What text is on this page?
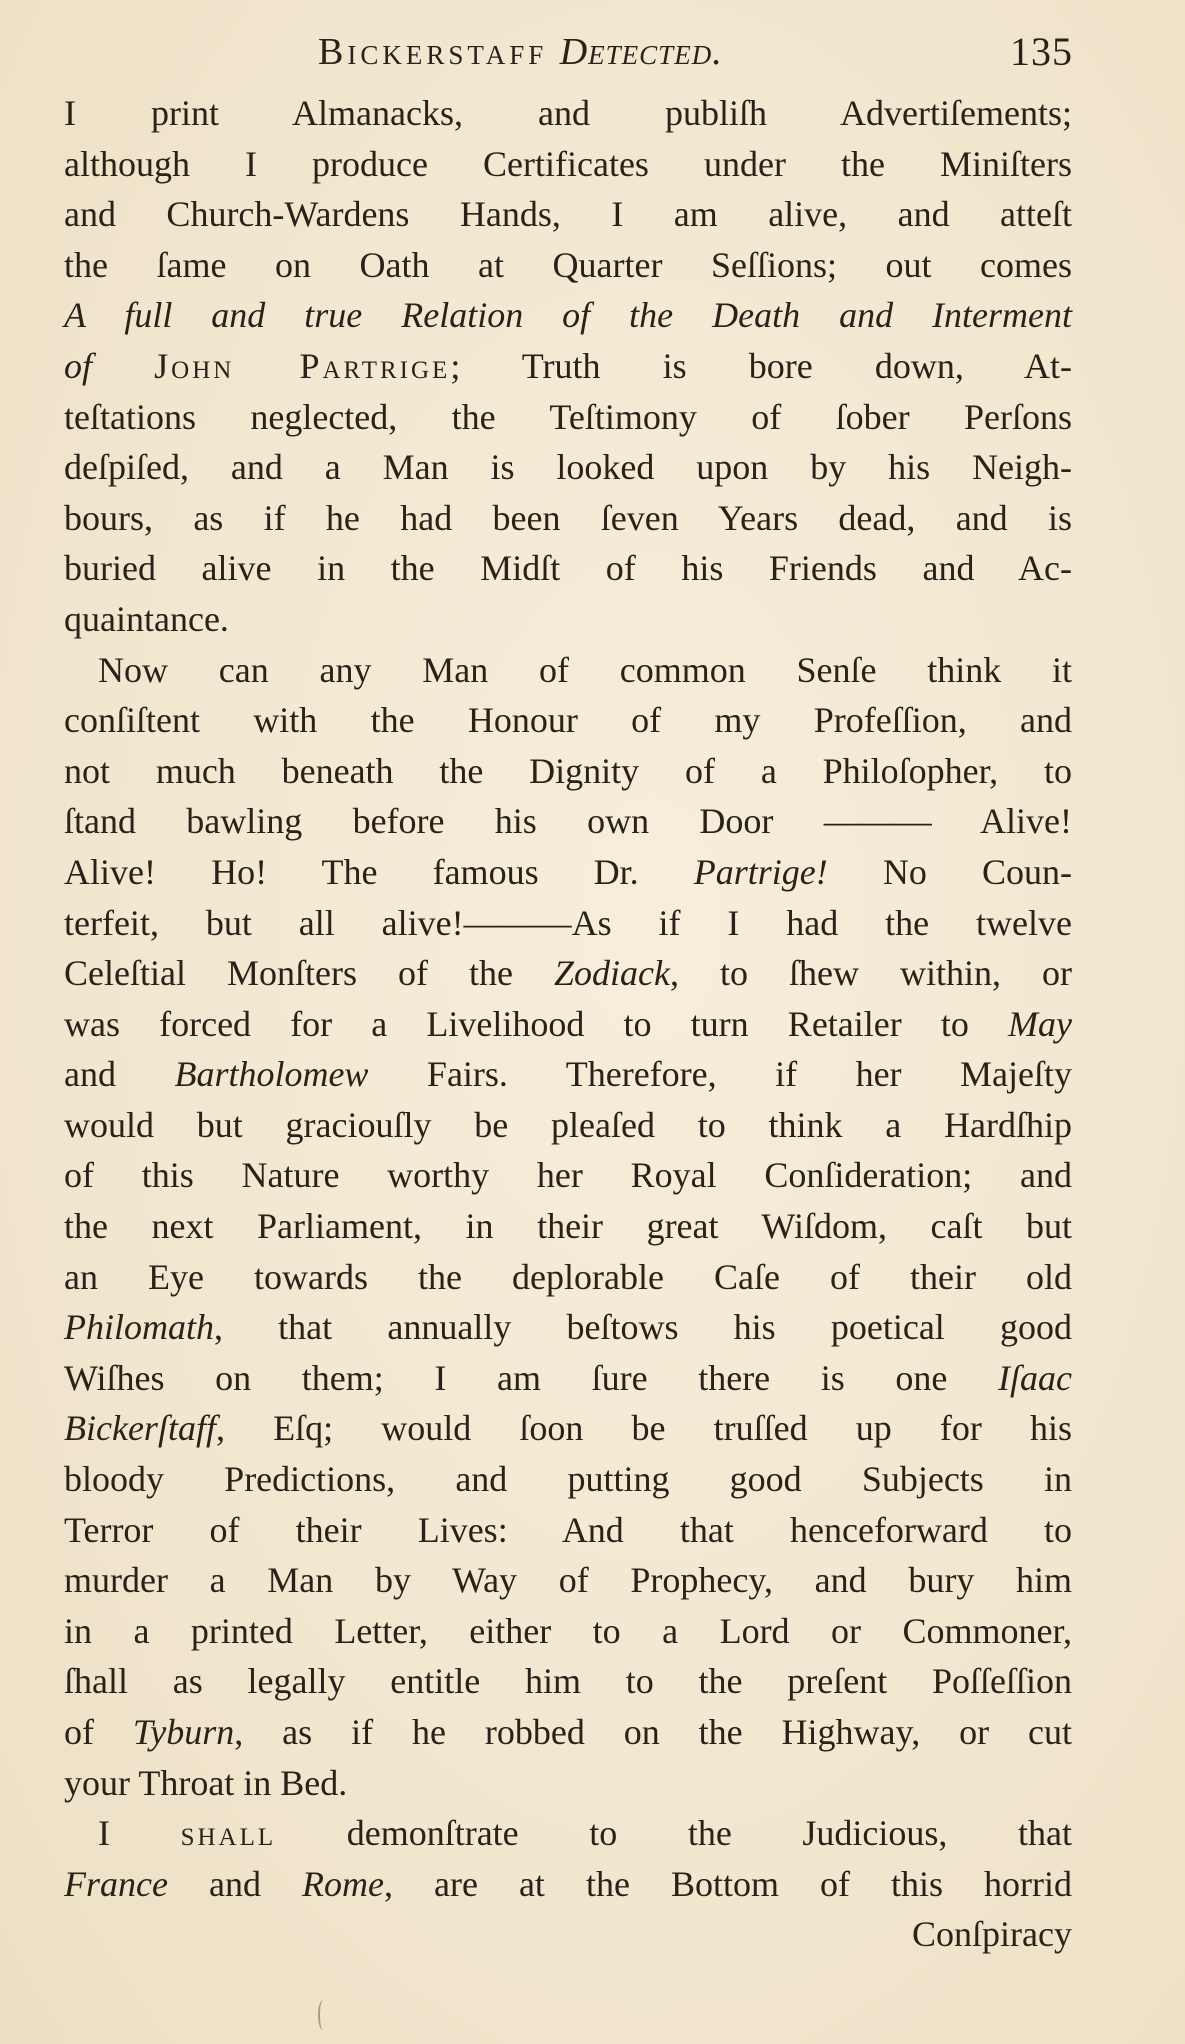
Bickerstaff Detected.	135
I print Almanacks, and publiſh Advertiſements;
although I produce Certificates under the Miniſters
and Church-Wardens Hands, I am alive, and atteſt
the ſame on Oath at Quarter Seſſions; out comes
A full and true Relation of the Death and Interment
of John Partrige; Truth is bore down, At-
teſtations neglected, the Teſtimony of ſober Perſons
deſpiſed, and a Man is looked upon by his Neigh-
bours, as if he had been ſeven Years dead, and is
buried alive in the Midſt of his Friends and Ac-
quaintance.
Now can any Man of common Senſe think it
conſiſtent with the Honour of my Profeſſion, and
not much beneath the Dignity of a Philoſopher, to
ſtand bawling before his own Door ——— Alive!
Alive! Ho! The famous Dr. Partrige! No Coun-
terfeit, but all alive!———As if I had the twelve
Celeſtial Monſters of the Zodiack, to ſhew within, or
was forced for a Livelihood to turn Retailer to May
and Bartholomew Fairs. Therefore, if her Majeſty
would but graciouſly be pleaſed to think a Hardſhip
of this Nature worthy her Royal Conſideration; and
the next Parliament, in their great Wiſdom, caſt but
an Eye towards the deplorable Caſe of their old
Philomath, that annually beſtows his poetical good
Wiſhes on them; I am ſure there is one Iſaac
Bickerſtaff, Eſq; would ſoon be truſſed up for his
bloody Predictions, and putting good Subjects in
Terror of their Lives: And that henceforward to
murder a Man by Way of Prophecy, and bury him
in a printed Letter, either to a Lord or Commoner,
ſhall as legally entitle him to the preſent Poſſeſſion
of Tyburn, as if he robbed on the Highway, or cut
your Throat in Bed.
I shall demonſtrate to the Judicious, that
France and Rome, are at the Bottom of this horrid
Conſpiracy
